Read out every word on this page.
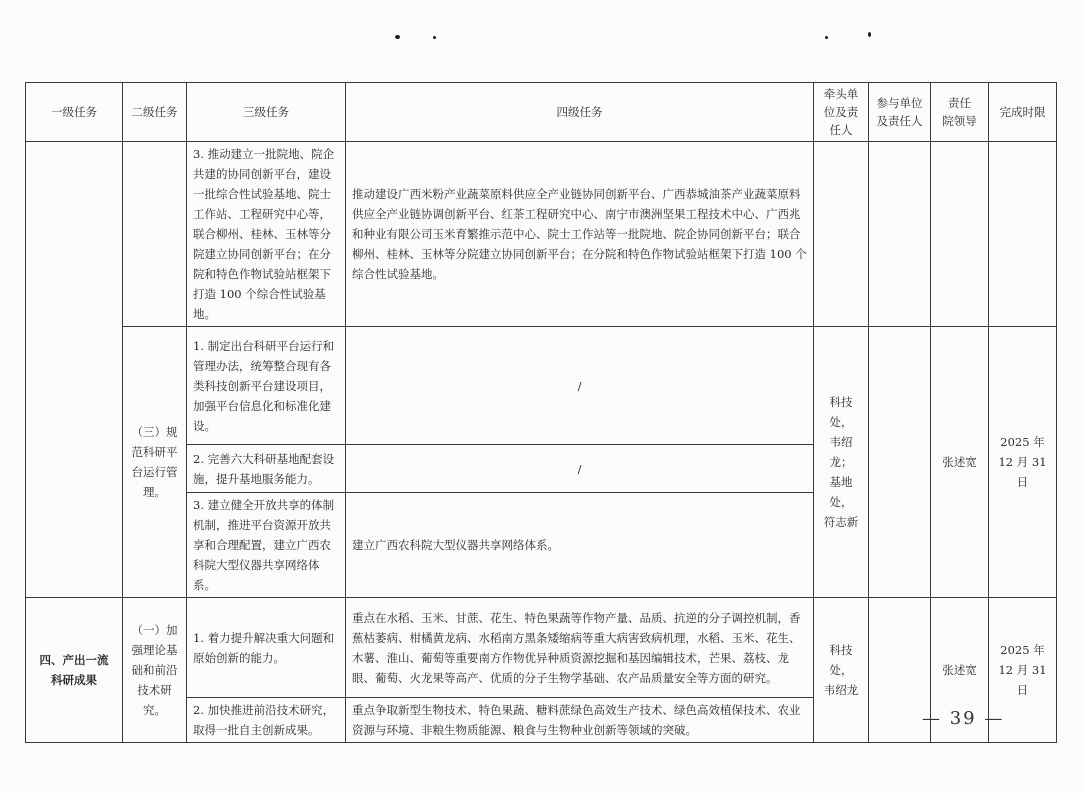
一级任务	二级任务	三级任务	四级任务	牵头单
位及责
任人	参与单位
及责任人	责任
院领导	完成时限
		3. 推动建立一批院地、院企共建的协同创新平台，建设一批综合性试验基地、院士工作站、工程研究中心等，联合柳州、桂林、玉林等分院建立协同创新平台；在分院和特色作物试验站框架下打造 100 个综合性试验基地。	推动建设广西米粉产业蔬菜原料供应全产业链协同创新平台、广西恭城油茶产业蔬菜原料供应全产业链协调创新平台、红茶工程研究中心、南宁市澳洲坚果工程技术中心、广西兆和种业有限公司玉米育繁推示范中心、院士工作站等一批院地、院企协同创新平台；联合柳州、桂林、玉林等分院建立协同创新平台；在分院和特色作物试验站框架下打造 100 个综合性试验基地。				
	（三）规
范科研平
台运行管
理。	1. 制定出台科研平台运行和管理办法，统筹整合现有各类科技创新平台建设项目，加强平台信息化和标准化建设。	/	科技处，
韦绍龙；
基地处，
符志新		张述宽	2025 年
12 月 31 日
		2. 完善六大科研基地配套设施，提升基地服务能力。	/				
		3. 建立健全开放共享的体制机制，推进平台资源开放共享和合理配置，建立广西农科院大型仪器共享网络体系。	建立广西农科院大型仪器共享网络体系。				
四、产出一流
科研成果	（一）加
强理论基
础和前沿
技术研
究。	1. 着力提升解决重大问题和原始创新的能力。	重点在水稻、玉米、甘蔗、花生、特色果蔬等作物产量、品质、抗逆的分子调控机制，香蕉枯萎病、柑橘黄龙病、水稻南方黑条矮缩病等重大病害致病机理，水稻、玉米、花生、木薯、淮山、葡萄等重要南方作物优异种质资源挖掘和基因编辑技术，芒果、荔枝、龙眼、葡萄、火龙果等高产、优质的分子生物学基础、农产品质量安全等方面的研究。	科技处，
韦绍龙		张述宽	2025 年
12 月 31 日
		2. 加快推进前沿技术研究，取得一批自主创新成果。	重点争取新型生物技术、特色果蔬、糖料蔗绿色高效生产技术、绿色高效植保技术、农业资源与环境、非粮生物质能源、粮食与生物种业创新等领域的突破。				
— 39 —
